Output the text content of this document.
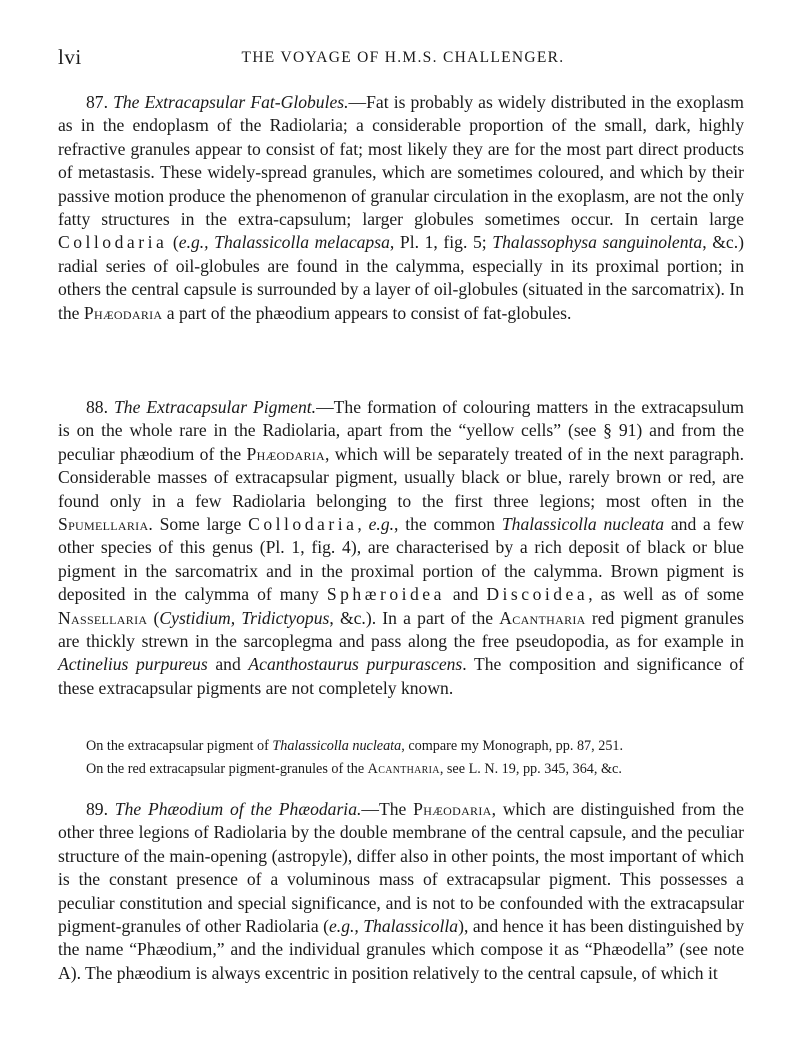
lvi	THE VOYAGE OF H.M.S. CHALLENGER.

87. The Extracapsular Fat-Globules.—Fat is probably as widely distributed in the exoplasm as in the endoplasm of the Radiolaria; a considerable proportion of the small, dark, highly refractive granules appear to consist of fat; most likely they are for the most part direct products of metastasis. These widely-spread granules, which are sometimes coloured, and which by their passive motion produce the phenomenon of granular circulation in the exoplasm, are not the only fatty structures in the extra-capsulum; larger globules sometimes occur. In certain large Collodaria (e.g., Thalassicolla melacapsa, Pl. 1, fig. 5; Thalassophysa sanguinolenta, &c.) radial series of oil-globules are found in the calymma, especially in its proximal portion; in others the central capsule is surrounded by a layer of oil-globules (situated in the sarcomatrix). In the Phæodaria a part of the phæodium appears to consist of fat-globules.

88. The Extracapsular Pigment.—The formation of colouring matters in the extracapsulum is on the whole rare in the Radiolaria, apart from the “yellow cells” (see § 91) and from the peculiar phæodium of the Phæodaria, which will be separately treated of in the next paragraph. Considerable masses of extracapsular pigment, usually black or blue, rarely brown or red, are found only in a few Radiolaria belonging to the first three legions; most often in the Spumellaria. Some large Collodaria, e.g., the common Thalassicolla nucleata and a few other species of this genus (Pl. 1, fig. 4), are characterised by a rich deposit of black or blue pigment in the sarcomatrix and in the proximal portion of the calymma. Brown pigment is deposited in the calymma of many Sphæroidea and Discoidea, as well as of some Nassellaria (Cystidium, Tridictyopus, &c.). In a part of the Acantharia red pigment granules are thickly strewn in the sarcoplegma and pass along the free pseudopodia, as for example in Actinelius purpureus and Acanthostaurus purpurascens. The composition and significance of these extracapsular pigments are not completely known.

On the extracapsular pigment of Thalassicolla nucleata, compare my Monograph, pp. 87, 251.

On the red extracapsular pigment-granules of the Acantharia, see L. N. 19, pp. 345, 364, &c.

89. The Phæodium of the Phæodaria.—The Phæodaria, which are distinguished from the other three legions of Radiolaria by the double membrane of the central capsule, and the peculiar structure of the main-opening (astropyle), differ also in other points, the most important of which is the constant presence of a voluminous mass of extracapsular pigment. This possesses a peculiar constitution and special significance, and is not to be confounded with the extracapsular pigment-granules of other Radiolaria (e.g., Thalassicolla), and hence it has been distinguished by the name “Phæodium,” and the individual granules which compose it as “Phæodella” (see note A). The phæodium is always excentric in position relatively to the central capsule, of which it
